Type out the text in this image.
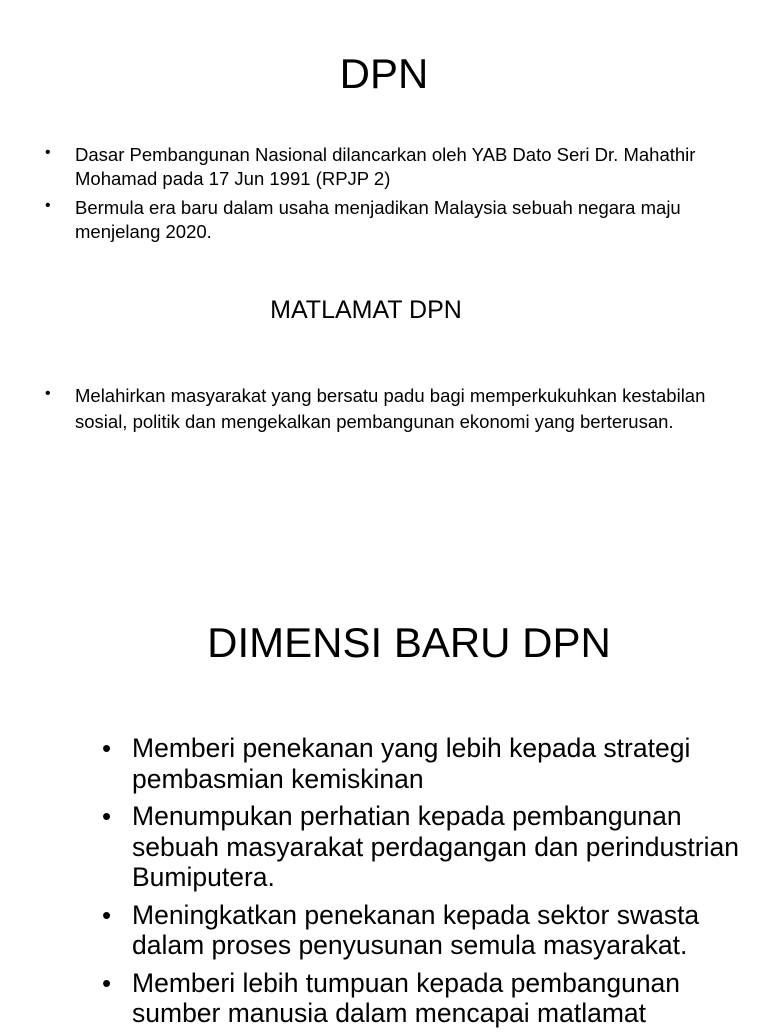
DPN
• Dasar Pembangunan Nasional dilancarkan oleh YAB Dato Seri Dr. Mahathir Mohamad pada 17 Jun 1991 (RPJP 2)
• Bermula era baru dalam usaha menjadikan Malaysia sebuah negara maju menjelang 2020.
MATLAMAT DPN
• Melahirkan masyarakat yang bersatu padu bagi memperkukuhkan kestabilan sosial, politik dan mengekalkan pembangunan ekonomi yang berterusan.
DIMENSI BARU DPN
• Memberi penekanan yang lebih kepada strategi pembasmian kemiskinan
• Menumpukan perhatian kepada pembangunan sebuah masyarakat perdagangan dan perindustrian Bumiputera.
• Meningkatkan penekanan kepada sektor swasta dalam proses penyusunan semula masyarakat.
• Memberi lebih tumpuan kepada pembangunan sumber manusia dalam mencapai matlamat
